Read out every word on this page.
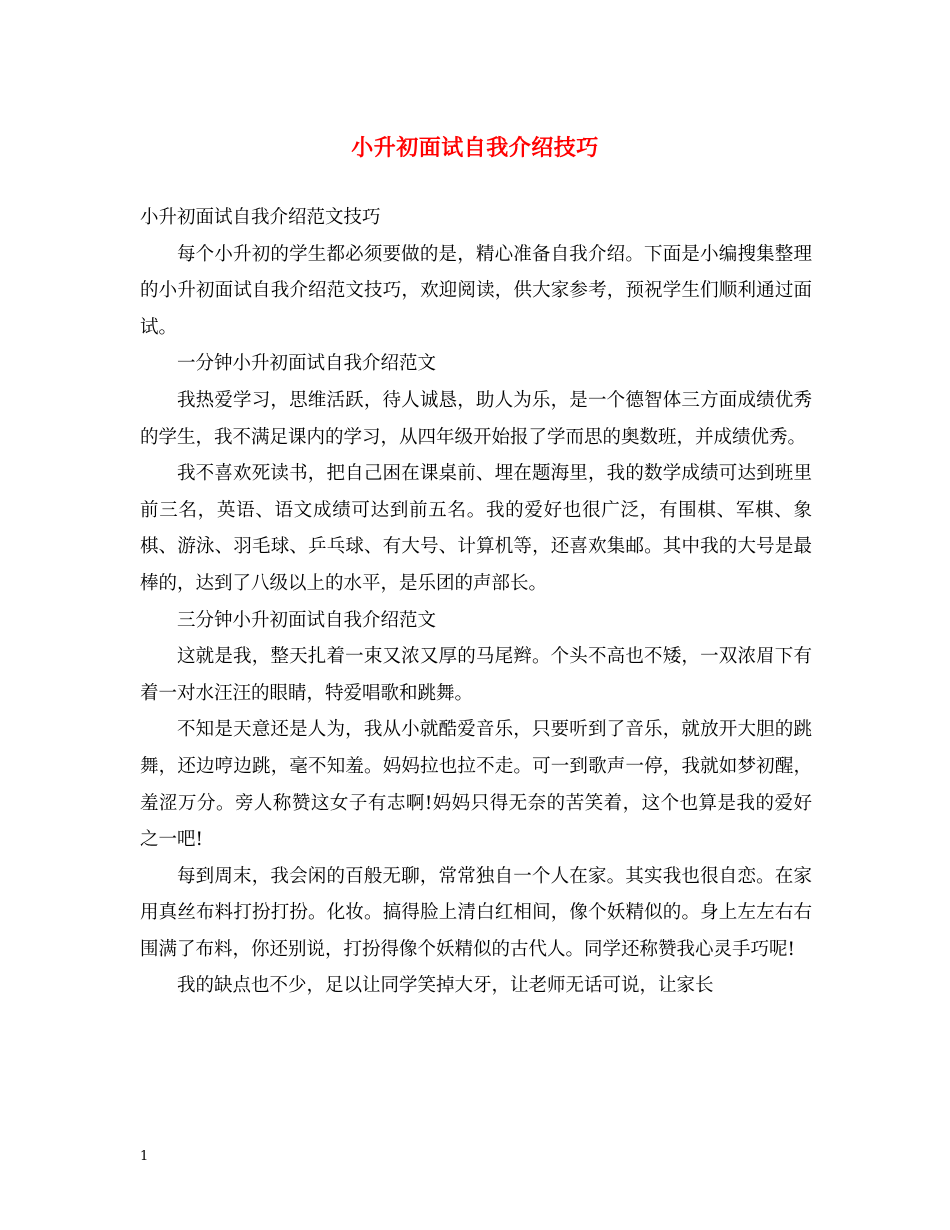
小升初面试自我介绍技巧

小升初面试自我介绍范文技巧

每个小升初的学生都必须要做的是，精心准备自我介绍。下面是小编搜集整理的小升初面试自我介绍范文技巧，欢迎阅读，供大家参考，预祝学生们顺利通过面试。

一分钟小升初面试自我介绍范文

我热爱学习，思维活跃，待人诚恳，助人为乐，是一个德智体三方面成绩优秀的学生，我不满足课内的学习，从四年级开始报了学而思的奥数班，并成绩优秀。

我不喜欢死读书，把自己困在课桌前、埋在题海里，我的数学成绩可达到班里前三名，英语、语文成绩可达到前五名。我的爱好也很广泛，有围棋、军棋、象棋、游泳、羽毛球、乒乓球、有大号、计算机等，还喜欢集邮。其中我的大号是最棒的，达到了八级以上的水平，是乐团的声部长。

三分钟小升初面试自我介绍范文

这就是我，整天扎着一束又浓又厚的马尾辫。个头不高也不矮，一双浓眉下有着一对水汪汪的眼睛，特爱唱歌和跳舞。

不知是天意还是人为，我从小就酷爱音乐，只要听到了音乐，就放开大胆的跳舞，还边哼边跳，毫不知羞。妈妈拉也拉不走。可一到歌声一停，我就如梦初醒，羞涩万分。旁人称赞这女子有志啊!妈妈只得无奈的苦笑着，这个也算是我的爱好之一吧!

每到周末，我会闲的百般无聊，常常独自一个人在家。其实我也很自恋。在家用真丝布料打扮打扮。化妆。搞得脸上清白红相间，像个妖精似的。身上左左右右围满了布料，你还别说，打扮得像个妖精似的古代人。同学还称赞我心灵手巧呢!

我的缺点也不少，足以让同学笑掉大牙，让老师无话可说，让家长

1
